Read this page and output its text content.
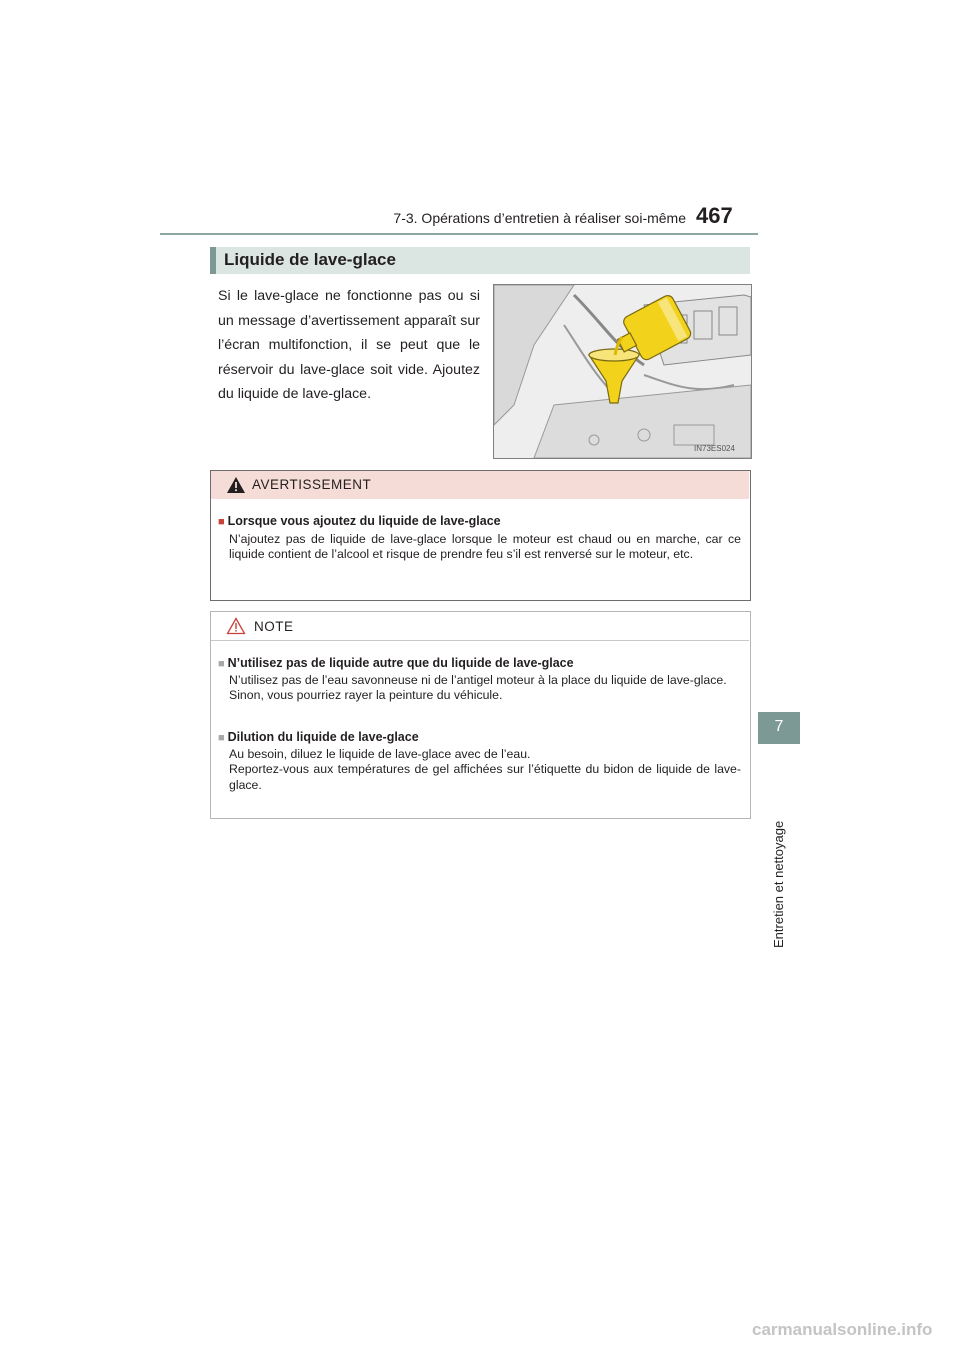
7-3. Opérations d’entretien à réaliser soi-même 467
7
Entretien et nettoyage
Liquide de lave-glace
Si le lave-glace ne fonctionne pas ou si un message d’avertissement apparaît sur l’écran multifonction, il se peut que le réservoir du lave-glace soit vide. Ajoutez du liquide de lave-glace.
IN73ES024
AVERTISSEMENT
■ Lorsque vous ajoutez du liquide de lave-glace
N’ajoutez pas de liquide de lave-glace lorsque le moteur est chaud ou en marche, car ce liquide contient de l’alcool et risque de prendre feu s’il est renversé sur le moteur, etc.
NOTE
■ N’utilisez pas de liquide autre que du liquide de lave-glace
N’utilisez pas de l’eau savonneuse ni de l’antigel moteur à la place du liquide de lave-glace.
Sinon, vous pourriez rayer la peinture du véhicule.
■ Dilution du liquide de lave-glace
Au besoin, diluez le liquide de lave-glace avec de l’eau.
Reportez-vous aux températures de gel affichées sur l’étiquette du bidon de liquide de lave-glace.
carmanualsonline.info
